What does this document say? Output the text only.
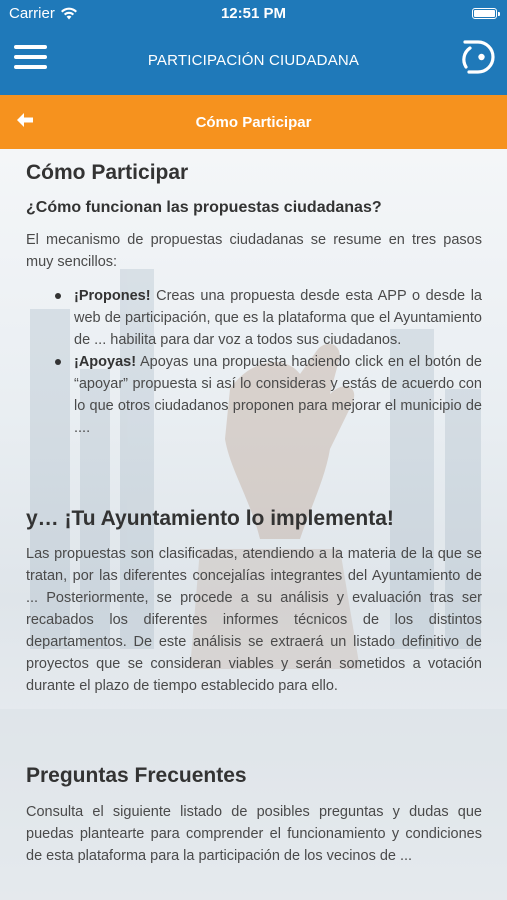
Carrier	12:51 PM
PARTICIPACIÓN CIUDADANA
Cómo Participar
Cómo Participar
¿Cómo funcionan las propuestas ciudadanas?
El mecanismo de propuestas ciudadanas se resume en tres pasos muy sencillos:
¡Propones! Creas una propuesta desde esta APP o desde la web de participación, que es la plataforma que el Ayuntamiento de ... habilita para dar voz a todos sus ciudadanos.
¡Apoyas! Apoyas una propuesta haciendo click en el botón de “apoyar” propuesta si así lo consideras y estás de acuerdo con lo que otros ciudadanos proponen para mejorar el municipio de ....
y… ¡Tu Ayuntamiento lo implementa!
Las propuestas son clasificadas, atendiendo a la materia de la que se tratan, por las diferentes concejalías integrantes del Ayuntamiento de ... Posteriormente, se procede a su análisis y evaluación tras ser recabados los diferentes informes técnicos de los distintos departamentos. De este análisis se extraerá un listado definitivo de proyectos que se consideran viables y serán sometidos a votación durante el plazo de tiempo establecido para ello.
Preguntas Frecuentes
Consulta el siguiente listado de posibles preguntas y dudas que puedas plantearte para comprender el funcionamiento y condiciones de esta plataforma para la participación de los vecinos de ...
